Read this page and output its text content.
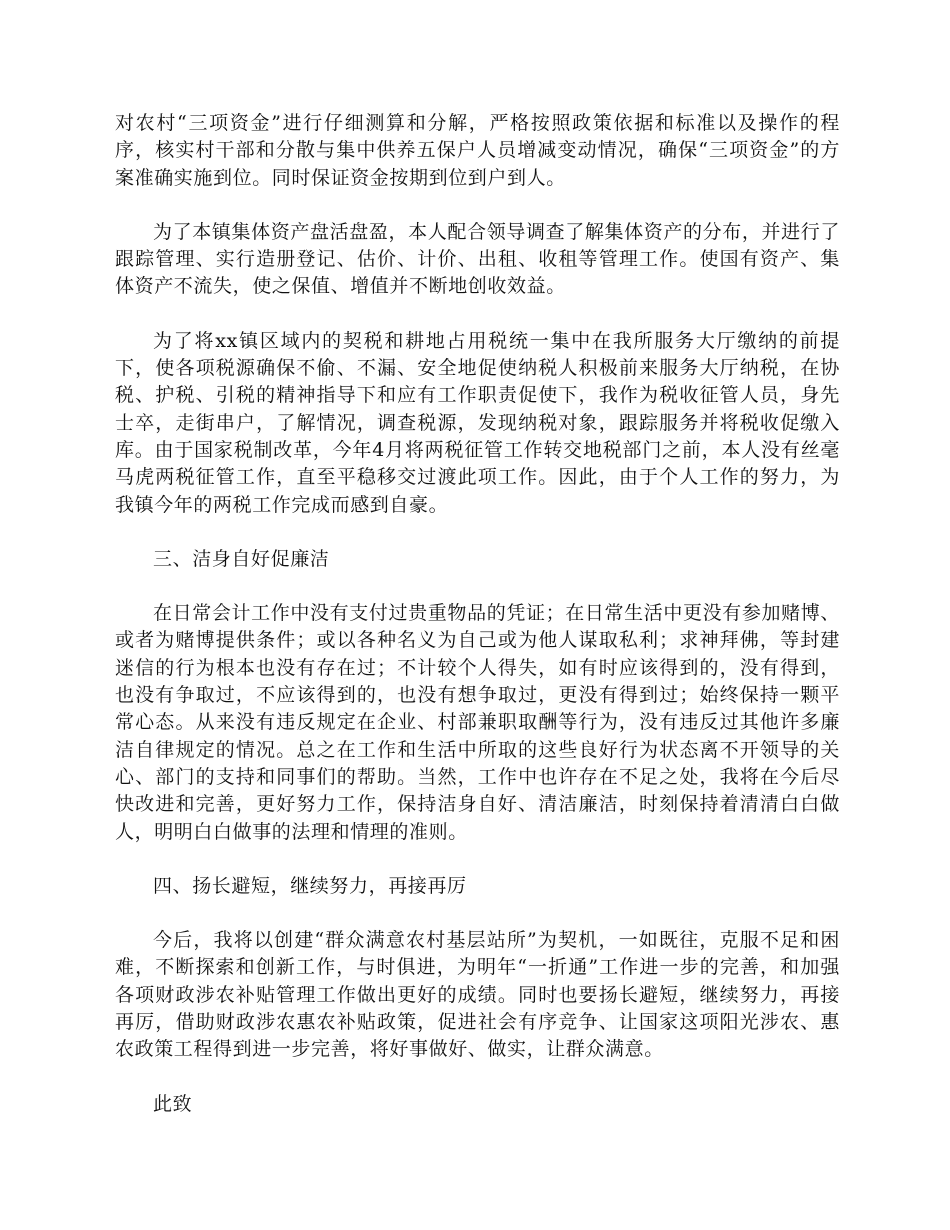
对农村“三项资金”进行仔细测算和分解，严格按照政策依据和标准以及操作的程序，核实村干部和分散与集中供养五保户人员增减变动情况，确保“三项资金”的方案准确实施到位。同时保证资金按期到位到户到人。

为了本镇集体资产盘活盘盈，本人配合领导调查了解集体资产的分布，并进行了跟踪管理、实行造册登记、估价、计价、出租、收租等管理工作。使国有资产、集体资产不流失，使之保值、增值并不断地创收效益。

为了将xx镇区域内的契税和耕地占用税统一集中在我所服务大厅缴纳的前提下，使各项税源确保不偷、不漏、安全地促使纳税人积极前来服务大厅纳税，在协税、护税、引税的精神指导下和应有工作职责促使下，我作为税收征管人员，身先士卒，走街串户，了解情况，调查税源，发现纳税对象，跟踪服务并将税收促缴入库。由于国家税制改革，今年4月将两税征管工作转交地税部门之前，本人没有丝毫马虎两税征管工作，直至平稳移交过渡此项工作。因此，由于个人工作的努力，为我镇今年的两税工作完成而感到自豪。

三、洁身自好促廉洁

在日常会计工作中没有支付过贵重物品的凭证；在日常生活中更没有参加赌博、或者为赌博提供条件；或以各种名义为自己或为他人谋取私利；求神拜佛，等封建迷信的行为根本也没有存在过；不计较个人得失，如有时应该得到的，没有得到，也没有争取过，不应该得到的，也没有想争取过，更没有得到过；始终保持一颗平常心态。从来没有违反规定在企业、村部兼职取酬等行为，没有违反过其他许多廉洁自律规定的情况。总之在工作和生活中所取的这些良好行为状态离不开领导的关心、部门的支持和同事们的帮助。当然，工作中也许存在不足之处，我将在今后尽快改进和完善，更好努力工作，保持洁身自好、清洁廉洁，时刻保持着清清白白做人，明明白白做事的法理和情理的准则。

四、扬长避短，继续努力，再接再厉

今后，我将以创建“群众满意农村基层站所”为契机，一如既往，克服不足和困难，不断探索和创新工作，与时俱进，为明年“一折通”工作进一步的完善，和加强各项财政涉农补贴管理工作做出更好的成绩。同时也要扬长避短，继续努力，再接再厉，借助财政涉农惠农补贴政策，促进社会有序竞争、让国家这项阳光涉农、惠农政策工程得到进一步完善，将好事做好、做实，让群众满意。

此致
